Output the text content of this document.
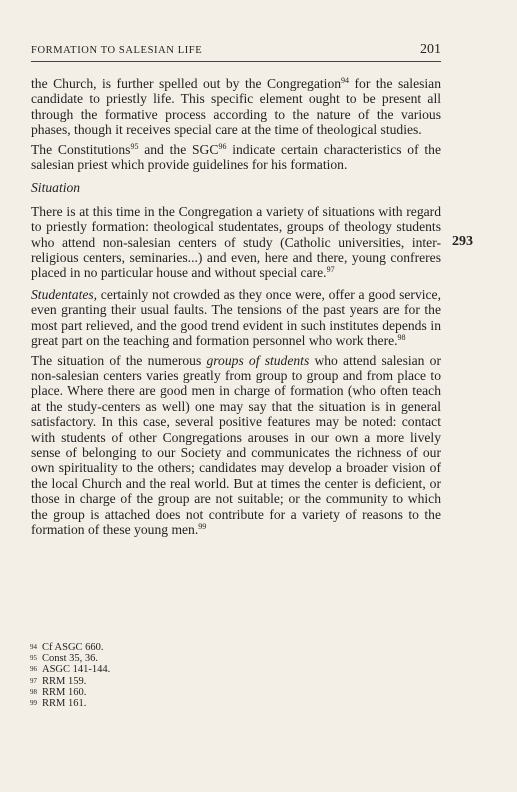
FORMATION TO SALESIAN LIFE	201
293

the Church, is further spelled out by the Congregation$^{94}$ for the salesian candidate to priestly life. This specific element ought to be present all through the formative process according to the nature of the various phases, though it receives special care at the time of theological studies.

The Constitutions$^{95}$ and the SGC$^{96}$ indicate certain characteristics of the salesian priest which provide guidelines for his formation.

Situation

There is at this time in the Congregation a variety of situations with regard to priestly formation: theological studentates, groups of theology students who attend non-salesian centers of study (Catholic universities, inter-religious centers, seminaries...) and even, here and there, young confreres placed in no particular house and without special care.$^{97}$

Studentates, certainly not crowded as they once were, offer a good service, even granting their usual faults. The tensions of the past years are for the most part relieved, and the good trend evident in such institutes depends in great part on the teaching and formation personnel who work there.$^{98}$

The situation of the numerous groups of students who attend salesian or non-salesian centers varies greatly from group to group and from place to place. Where there are good men in charge of formation (who often teach at the study-centers as well) one may say that the situation is in general satisfactory. In this case, several positive features may be noted: contact with students of other Congregations arouses in our own a more lively sense of belonging to our Society and communicates the richness of our own spirituality to the others; candidates may develop a broader vision of the local Church and the real world. But at times the center is deficient, or those in charge of the group are not suitable; or the community to which the group is attached does not contribute for a variety of reasons to the formation of these young men.$^{99}$

94 Cf ASGC 660.
95 Const 35, 36.
96 ASGC 141-144.
97 RRM 159.
98 RRM 160.
99 RRM 161.
